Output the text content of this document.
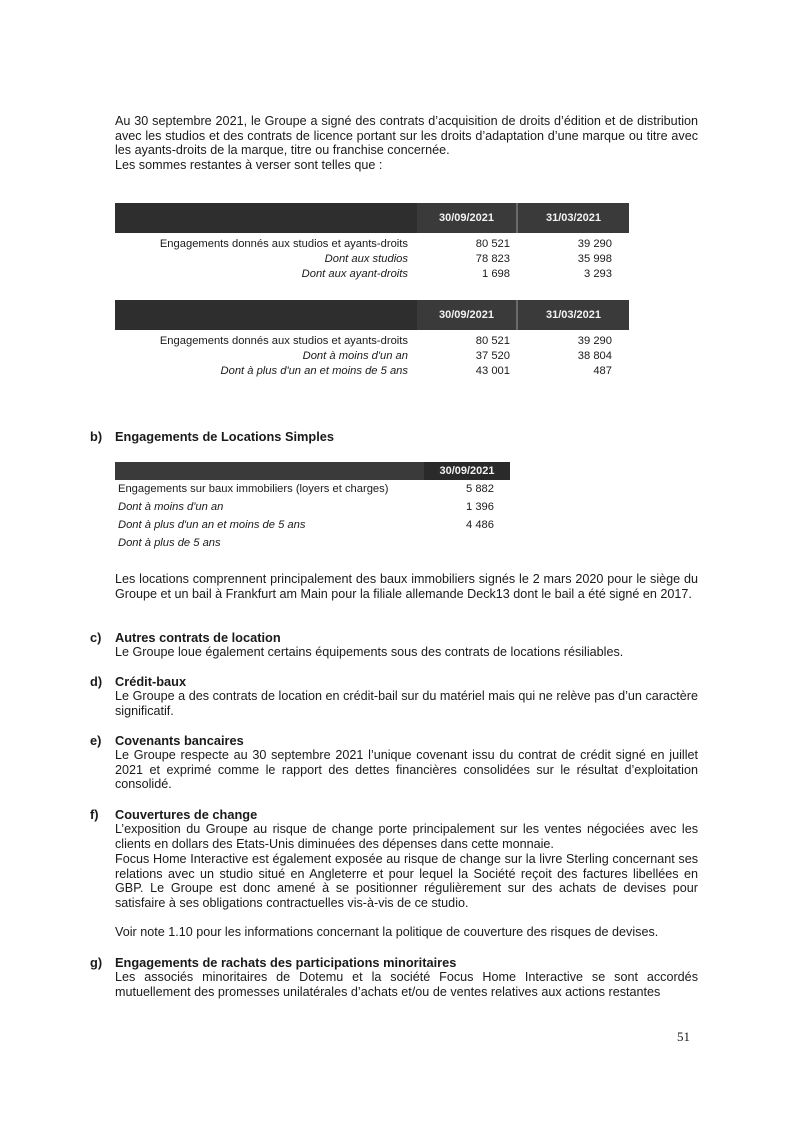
Au 30 septembre 2021, le Groupe a signé des contrats d’acquisition de droits d’édition et de distribution avec les studios et des contrats de licence portant sur les droits d’adaptation d’une marque ou titre avec les ayants-droits de la marque, titre ou franchise concernée.

Les sommes restantes à verser sont telles que :

30/09/2021	31/03/2021
Engagements donnés aux studios et ayants-droits	80 521	39 290
Dont aux studios	78 823	35 998
Dont aux ayant-droits	1 698	3 293
30/09/2021	31/03/2021
Engagements donnés aux studios et ayants-droits	80 521	39 290
Dont à moins d'un an	37 520	38 804
Dont à plus d'un an et moins de 5 ans	43 001	487
b) Engagements de Locations Simples
30/09/2021
Engagements sur baux immobiliers (loyers et charges)	5 882
Dont à moins d'un an	1 396
Dont à plus d'un an et moins de 5 ans	4 486
Dont à plus de 5 ans

Les locations comprennent principalement des baux immobiliers signés le 2 mars 2020 pour le siège du Groupe et un bail à Frankfurt am Main pour la filiale allemande Deck13 dont le bail a été signé en 2017.

c) Autres contrats de location

Le Groupe loue également certains équipements sous des contrats de locations résiliables.

d) Crédit-baux

Le Groupe a des contrats de location en crédit-bail sur du matériel mais qui ne relève pas d’un caractère significatif.

e) Covenants bancaires

Le Groupe respecte au 30 septembre 2021 l’unique covenant issu du contrat de crédit signé en juillet 2021 et exprimé comme le rapport des dettes financières consolidées sur le résultat d’exploitation consolidé.

f) Couvertures de change

L’exposition du Groupe au risque de change porte principalement sur les ventes négociées avec les clients en dollars des Etats-Unis diminuées des dépenses dans cette monnaie.

Focus Home Interactive est également exposée au risque de change sur la livre Sterling concernant ses relations avec un studio situé en Angleterre et pour lequel la Société reçoit des factures libellées en GBP. Le Groupe est donc amené à se positionner régulièrement sur des achats de devises pour satisfaire à ses obligations contractuelles vis-à-vis de ce studio.

Voir note 1.10 pour les informations concernant la politique de couverture des risques de devises.

g) Engagements de rachats des participations minoritaires

Les associés minoritaires de Dotemu et la société Focus Home Interactive se sont accordés mutuellement des promesses unilatérales d’achats et/ou de ventes relatives aux actions restantes

51
